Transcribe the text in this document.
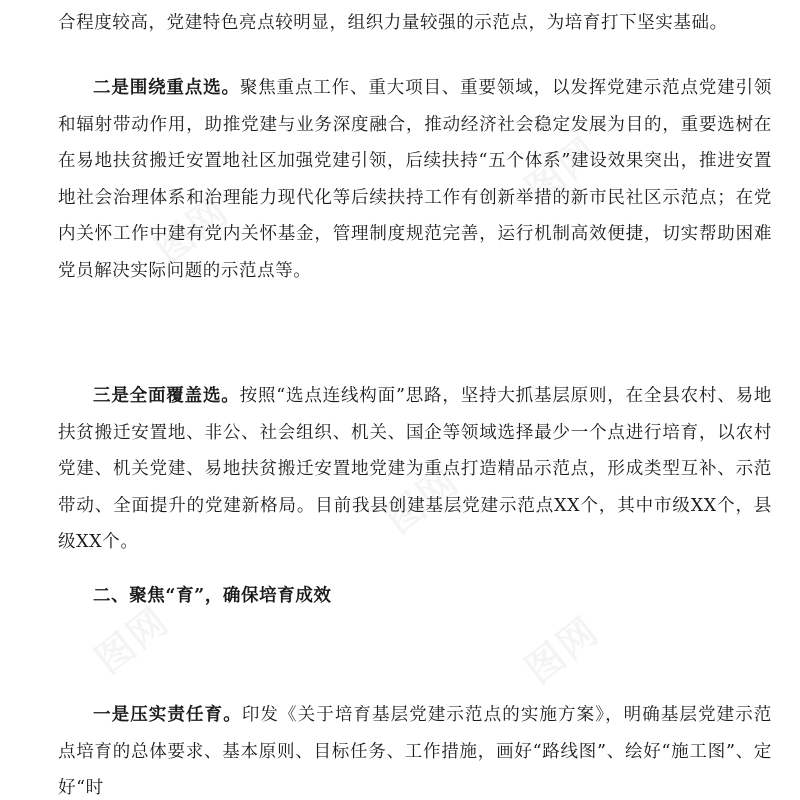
合程度较高，党建特色亮点较明显，组织力量较强的示范点，为培育打下坚实基础。

二是围绕重点选。聚焦重点工作、重大项目、重要领域，以发挥党建示范点党建引领和辐射带动作用，助推党建与业务深度融合，推动经济社会稳定发展为目的，重要选树在在易地扶贫搬迁安置地社区加强党建引领，后续扶持“五个体系”建设效果突出，推进安置地社会治理体系和治理能力现代化等后续扶持工作有创新举措的新市民社区示范点；在党内关怀工作中建有党内关怀基金，管理制度规范完善，运行机制高效便捷，切实帮助困难党员解决实际问题的示范点等。

三是全面覆盖选。按照“选点连线构面”思路，坚持大抓基层原则，在全县农村、易地扶贫搬迁安置地、非公、社会组织、机关、国企等领域选择最少一个点进行培育，以农村党建、机关党建、易地扶贫搬迁安置地党建为重点打造精品示范点，形成类型互补、示范带动、全面提升的党建新格局。目前我县创建基层党建示范点XX个，其中市级XX个，县级XX个。

二、聚焦“育”，确保培育成效

一是压实责任育。印发《关于培育基层党建示范点的实施方案》，明确基层党建示范点培育的总体要求、基本原则、目标任务、工作措施，画好“路线图”、绘好“施工图”、定好“时
